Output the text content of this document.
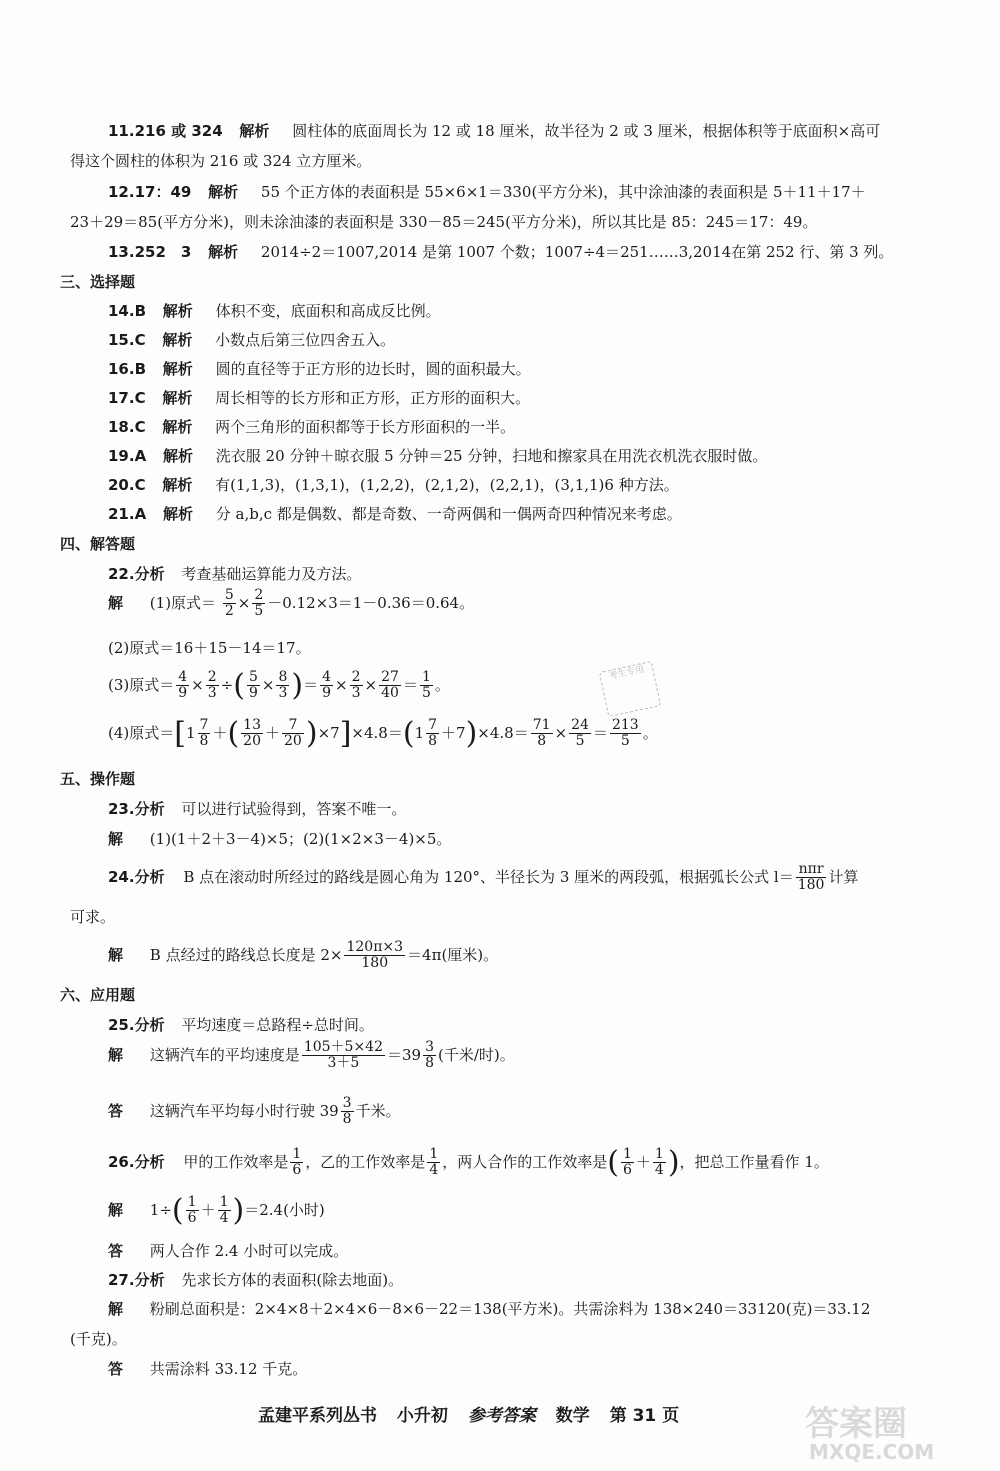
11.216 或 324 解析 圆柱体的底面周长为 12 或 18 厘米，故半径为 2 或 3 厘米，根据体积等于底面积×高可
得这个圆柱的体积为 216 或 324 立方厘米。
12.17：49 解析 55 个正方体的表面积是 55×6×1＝330(平方分米)，其中涂油漆的表面积是 5＋11＋17＋
23＋29＝85(平方分米)，则未涂油漆的表面积是 330－85＝245(平方分米)，所以其比是 85：245＝17：49。
13.252　3 解析 2014÷2＝1007,2014 是第 1007 个数；1007÷4＝251……3,2014在第 252 行、第 3 列。
三、选择题
14.B 解析 体积不变，底面积和高成反比例。
15.C 解析 小数点后第三位四舍五入。
16.B 解析 圆的直径等于正方形的边长时，圆的面积最大。
17.C 解析 周长相等的长方形和正方形，正方形的面积大。
18.C 解析 两个三角形的面积都等于长方形面积的一半。
19.A 解析 洗衣服 20 分钟＋晾衣服 5 分钟＝25 分钟，扫地和擦家具在用洗衣机洗衣服时做。
20.C 解析 有(1,1,3)，(1,3,1)，(1,2,2)，(2,1,2)，(2,2,1)，(3,1,1)6 种方法。
21.A 解析 分 a,b,c 都是偶数、都是奇数、一奇两偶和一偶两奇四种情况来考虑。
四、解答题
22.分析 考查基础运算能力及方法。
解 (1)原式＝ $\frac{5}{2} \times \frac{2}{5} -0.12\times 3=1-0.36=0.64$。
(2)原式＝16＋15－14＝17。
(3)原式＝ $\frac{4}{9} \times \frac{2}{3}$ ÷( $\frac{5}{9} \times \frac{8}{3}$ )＝ $\frac{4}{9} \times \frac{2}{3} \times \frac{27}{40} = \frac{1}{5}$ 。
(4)原式$=[1 \frac{7}{8}$ ＋( $\frac{13}{20} + \frac{7}{20} )\times 7]\times 4.8=(1 \frac{7}{8} +7)\times 4.8= \frac{71}{8} \times \frac{24}{5} = \frac{213}{5}$ 。
五、操作题
23.分析 可以进行试验得到，答案不唯一。
解 (1)(1＋2＋3－4)×5；(2)(1×2×3－4)×5。
24.分析 B 点在滚动时所经过的路线是圆心角为 120°、半径长为 3 厘米的两段弧，根据弧长公式 $l= \frac{\text{nπr}}{180}$ 计算
可求。
解 B 点经过的路线总长度是 $2\times \frac{120\pi\times 3}{180} =4\pi$(厘米)。
六、应用题
25.分析 平均速度＝总路程÷总时间。
解 这辆汽车的平均速度是 $\frac{105+5\times 42}{3+5} =39 \frac{3}{8}$ (千米/时)。
答 这辆汽车平均每小时行驶 $39 \frac{3}{8}$ 千米。
26.分析 甲的工作效率是 $\frac{1}{6}$ ，乙的工作效率是 $\frac{1}{4}$ ，两人合作的工作效率是( $\frac{1}{6} + \frac{1}{4}$ )，把总工作量看作 1。
解 $1\div( \frac{1}{6} + \frac{1}{4} )=2.4$(小时)
答 两人合作 2.4 小时可以完成。
27.分析 先求长方体的表面积(除去地面)。
解 粉刷总面积是：2×4×8＋2×4×6－8×6－22＝138(平方米)。共需涂料为 138×240＝33120(克)＝33.12
(千克)。
答 共需涂料 33.12 千克。
考生专用
孟建平系列丛书 小升初 参考答案 数学 第 31 页	答案圈
MXQE.COM
